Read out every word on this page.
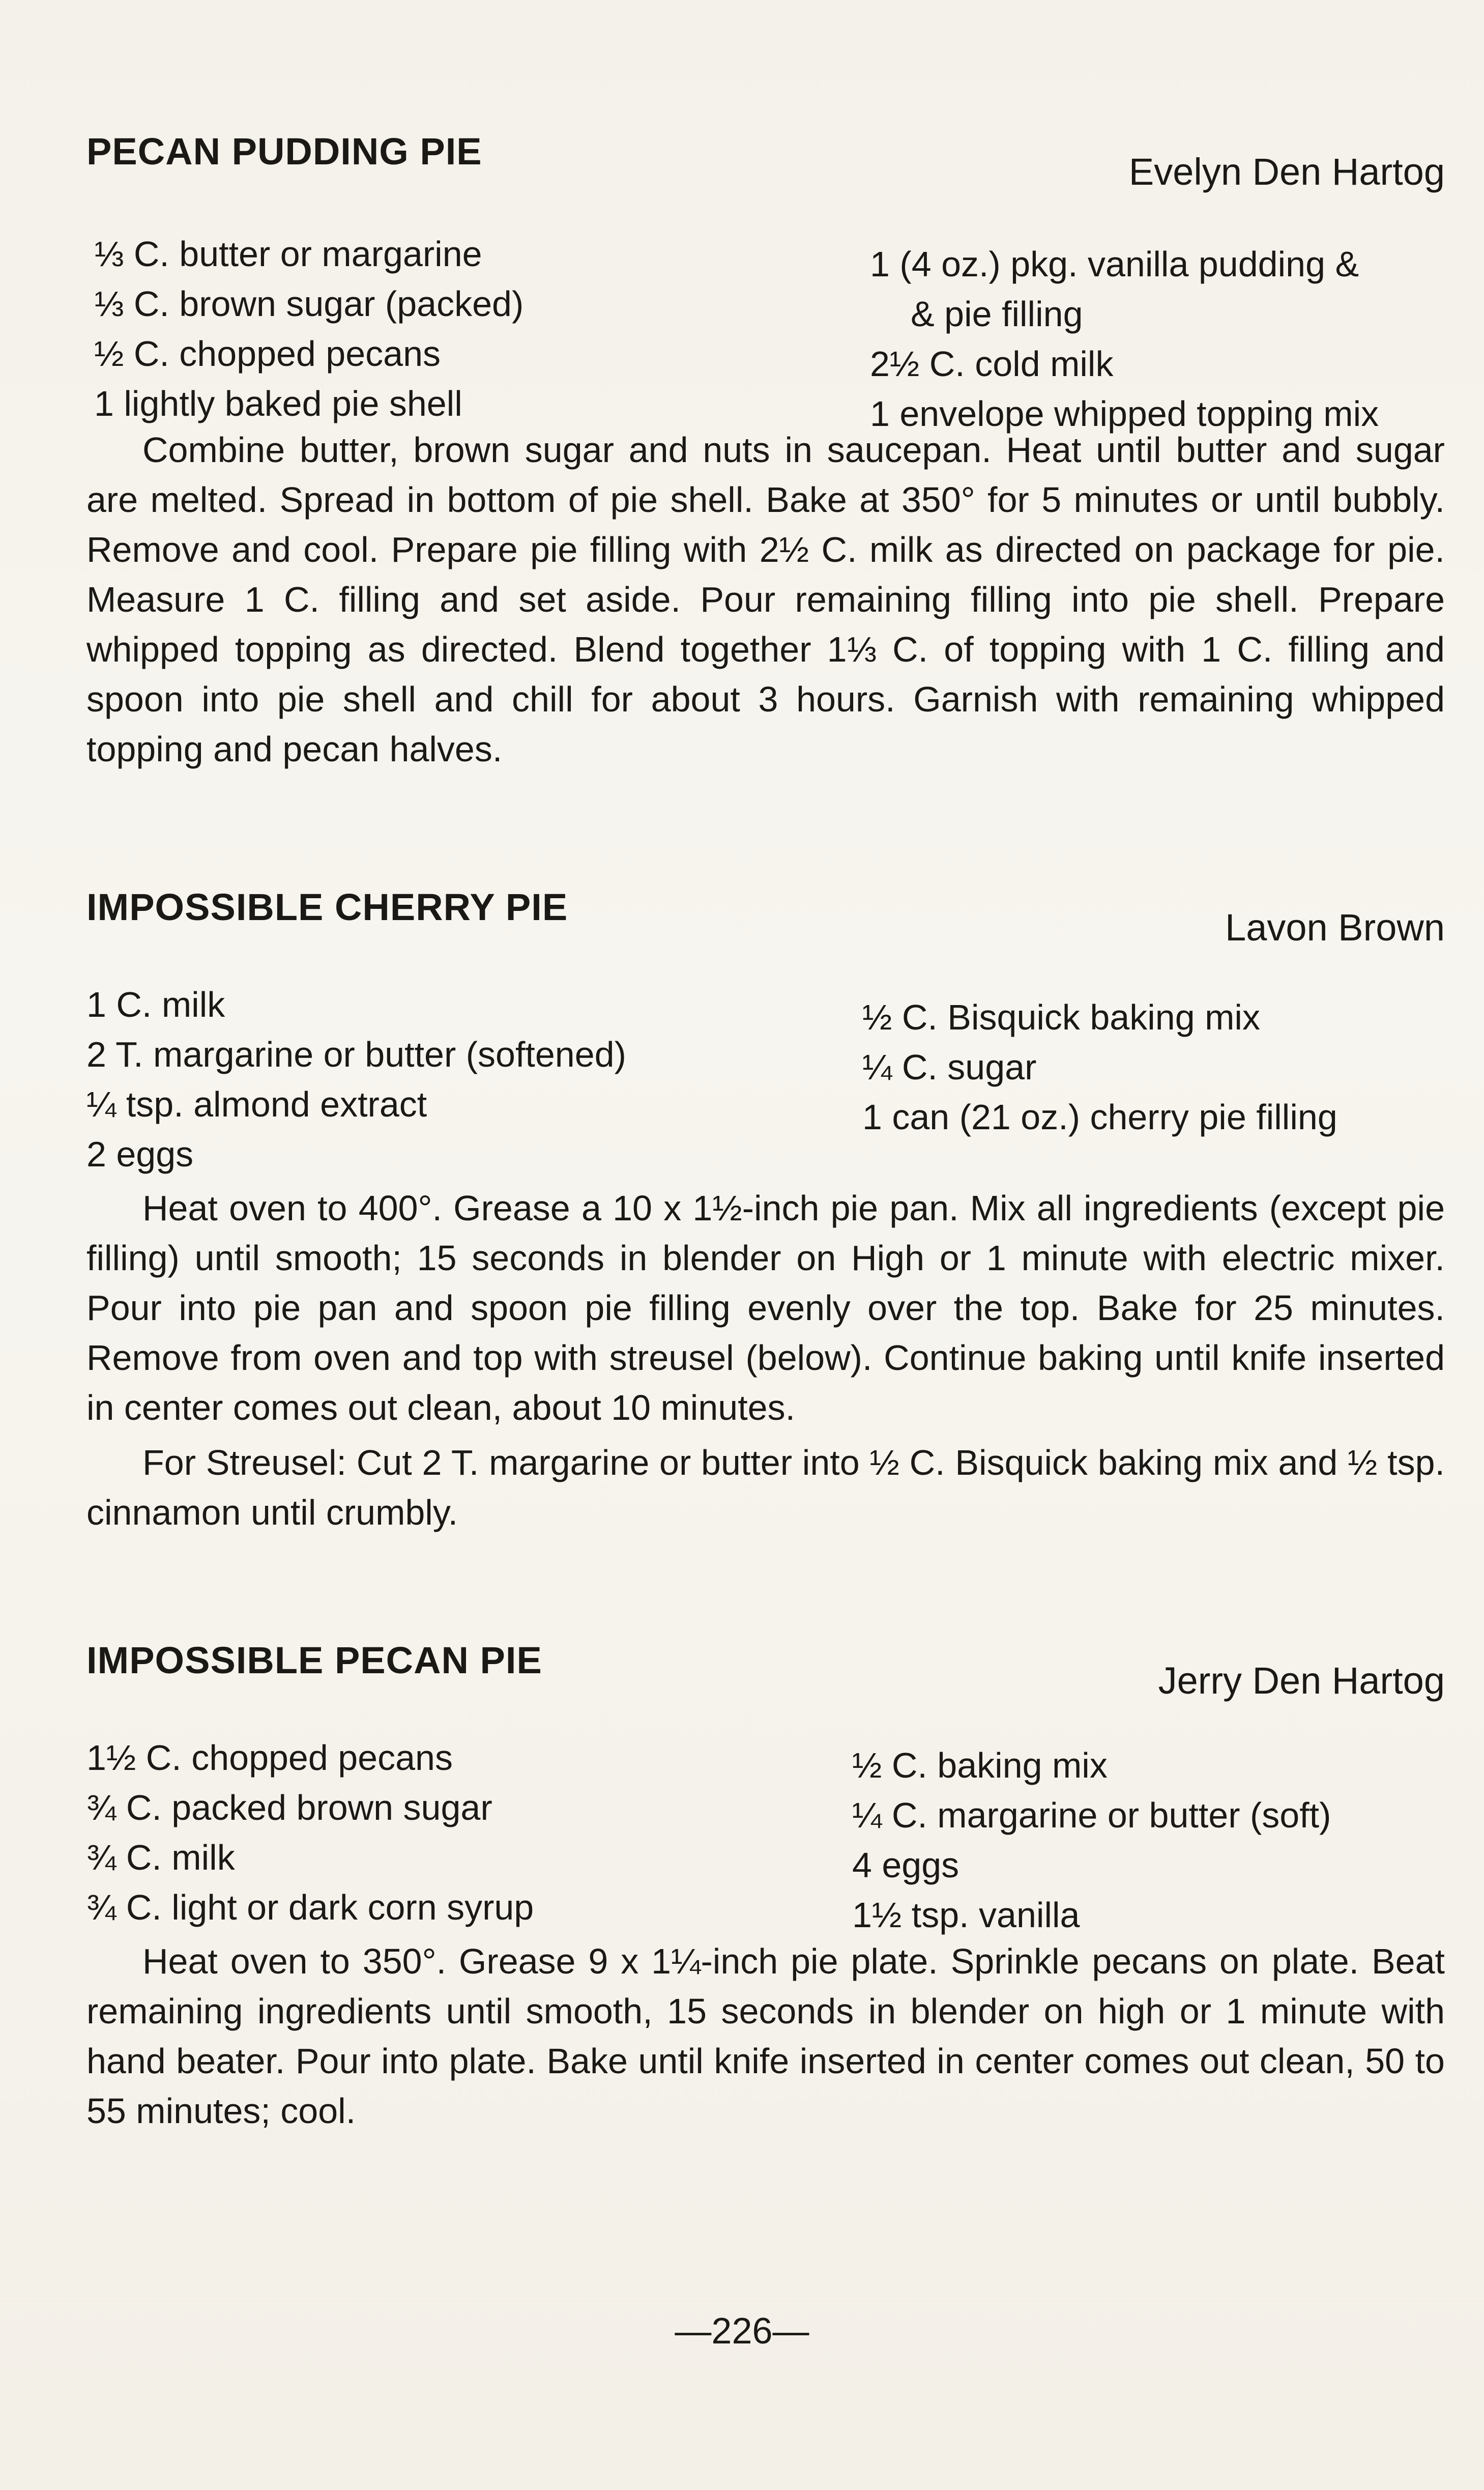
PECAN PUDDING PIE	Evelyn Den Hartog
⅓ C. butter or margarine
⅓ C. brown sugar (packed)
½ C. chopped pecans
1 lightly baked pie shell
1 (4 oz.) pkg. vanilla pudding &
& pie filling
2½ C. cold milk
1 envelope whipped topping mix

Combine butter, brown sugar and nuts in saucepan. Heat until butter and sugar are melted. Spread in bottom of pie shell. Bake at 350° for 5 minutes or until bubbly. Remove and cool. Prepare pie filling with 2½ C. milk as directed on package for pie. Measure 1 C. filling and set aside. Pour remaining filling into pie shell. Prepare whipped topping as directed. Blend together 1⅓ C. of topping with 1 C. filling and spoon into pie shell and chill for about 3 hours. Garnish with remaining whipped topping and pecan halves.

IMPOSSIBLE CHERRY PIE	Lavon Brown
1 C. milk
2 T. margarine or butter (softened)
¼ tsp. almond extract
2 eggs
½ C. Bisquick baking mix
¼ C. sugar
1 can (21 oz.) cherry pie filling

Heat oven to 400°. Grease a 10 x 1½-inch pie pan. Mix all ingredients (except pie filling) until smooth; 15 seconds in blender on High or 1 minute with electric mixer. Pour into pie pan and spoon pie filling evenly over the top. Bake for 25 minutes. Remove from oven and top with streusel (below). Continue baking until knife inserted in center comes out clean, about 10 minutes.

For Streusel: Cut 2 T. margarine or butter into ½ C. Bisquick baking mix and ½ tsp. cinnamon until crumbly.

IMPOSSIBLE PECAN PIE	Jerry Den Hartog
1½ C. chopped pecans
¾ C. packed brown sugar
¾ C. milk
¾ C. light or dark corn syrup
½ C. baking mix
¼ C. margarine or butter (soft)
4 eggs
1½ tsp. vanilla

Heat oven to 350°. Grease 9 x 1¼-inch pie plate. Sprinkle pecans on plate. Beat remaining ingredients until smooth, 15 seconds in blender on high or 1 minute with hand beater. Pour into plate. Bake until knife inserted in center comes out clean, 50 to 55 minutes; cool.

—226—
